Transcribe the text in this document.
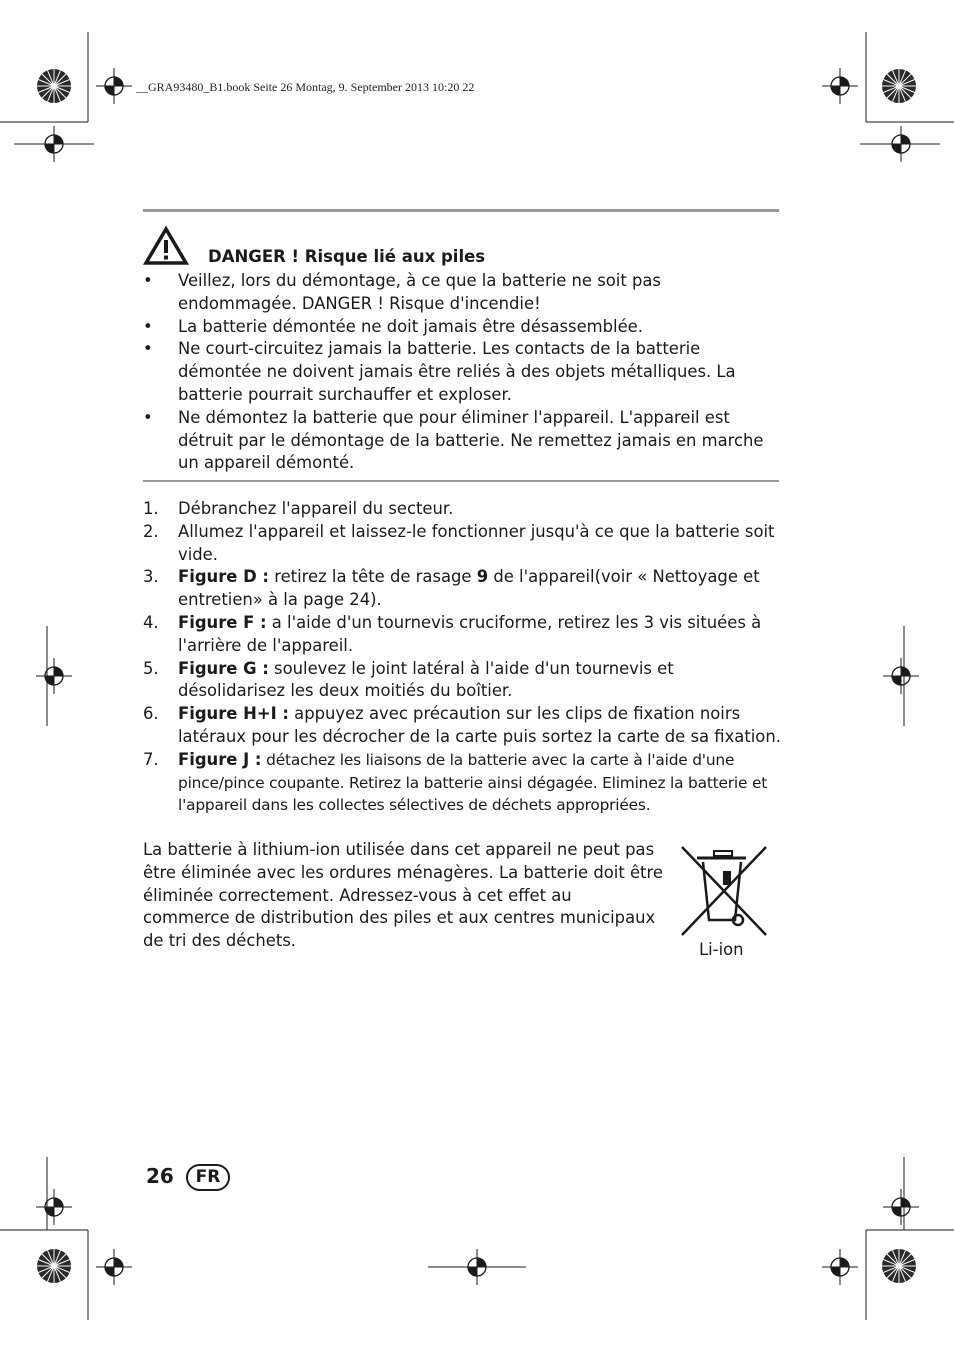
__GRA93480_B1.book Seite 26 Montag, 9. September 2013 10:20 22
DANGER ! Risque lié aux piles
• Veillez, lors du démontage, à ce que la batterie ne soit pas endommagée. DANGER ! Risque d'incendie!
• La batterie démontée ne doit jamais être désassemblée.
• Ne court-circuitez jamais la batterie. Les contacts de la batterie démontée ne doivent jamais être reliés à des objets métalliques. La batterie pourrait surchauffer et exploser.
• Ne démontez la batterie que pour éliminer l'appareil. L'appareil est détruit par le démontage de la batterie. Ne remettez jamais en marche un appareil démonté.
1. Débranchez l'appareil du secteur.
2. Allumez l'appareil et laissez-le fonctionner jusqu'à ce que la batterie soit vide.
3. Figure D : retirez la tête de rasage 9 de l'appareil(voir « Nettoyage et entretien» à la page 24).
4. Figure F : a l'aide d'un tournevis cruciforme, retirez les 3 vis situées à l'arrière de l'appareil.
5. Figure G : soulevez le joint latéral à l'aide d'un tournevis et désolidarisez les deux moitiés du boîtier.
6. Figure H+I : appuyez avec précaution sur les clips de fixation noirs latéraux pour les décrocher de la carte puis sortez la carte de sa fixation.
7. Figure J : détachez les liaisons de la batterie avec la carte à l'aide d'une pince/pince coupante. Retirez la batterie ainsi dégagée. Eliminez la batterie et l'appareil dans les collectes sélectives de déchets appropriées.
La batterie à lithium-ion utilisée dans cet appareil ne peut pas être éliminée avec les ordures ménagères. La batterie doit être éliminée correctement. Adressez-vous à cet effet au commerce de distribution des piles et aux centres municipaux de tri des déchets.	Li-ion
26	FR
